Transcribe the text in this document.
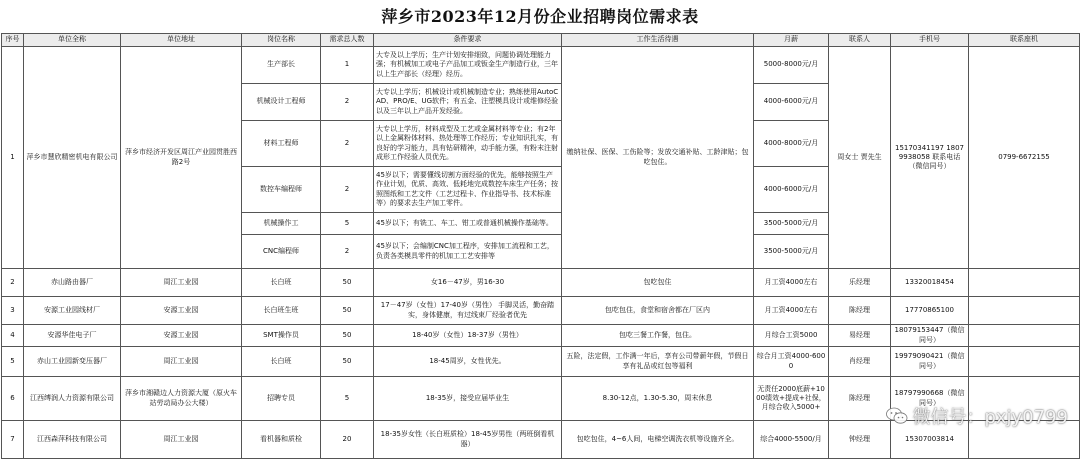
萍乡市2023年12月份企业招聘岗位需求表
序号	单位全称	单位地址	岗位名称	需求总人数	条件要求	工作生活待遇	月薪	联系人	手机号	联系座机
1	萍乡市慧欣精密机电有限公司	萍乡市经济开发区周江产业园贯胜西路2号	生产部长	1	大专及以上学历；生产计划安排细致，问题协调处理能力强；有机械加工或电子产品加工或钣金生产制造行业，三年以上生产部长（经理）经历。	缴纳社保、医保、工伤险等；发放交通补贴、工龄津贴；包吃包住。	5000-8000元/月	周女士 贾先生	15170341197 18079938058 联系电话（微信同号）	0799-6672155
			机械设计工程师	2	大专以上学历；机械设计或机械制造专业；熟练使用AutoCAD、PRO/E、UG软件；有五金、注塑模具设计或维修经验以及三年以上产品开发经验。		4000-6000元/月			
			材料工程师	2	大专以上学历，材料成型及工艺或金属材料等专业；有2年以上金属粉体材料、热处理等工作经历；专业知识扎实，有良好的学习能力，具有钻研精神，动手能力强，有粉末注射成形工作经验人员优先。		4000-8000元/月			
			数控车编程师	2	45岁以下；需要懂线切割方面经验的优先，能够按照生产作业计划，优质、高效、低耗地完成数控车床生产任务；按照图纸和工艺文件（工艺过程卡、作业指导书、技术标准等）的要求去生产加工零件。		4000-6000元/月			
			机械操作工	5	45岁以下；有铣工、车工、钳工或普通机械操作基础等。		3500-5000元/月			
			CNC编程师	2	45岁以下；会编制CNC加工程序，安排加工流程和工艺，负责各类模具零件的机加工工艺安排等		3500-5000元/月			
2	赤山路由器厂	周江工业园	长白班	50	女16－47岁，男16-30	包吃包住	月工资4000左右	乐经理	13320018454	
3	安源工业园线材厂	安源工业园	长白班生班	50	17－47岁（女性）17-40岁（男性） 手脚灵活，勤奋踏实，身体健康，有过线束厂经验者优先	包吃包住，食堂和宿舍都在厂区内	月工资4000左右	陈经理	17770865100	
4	安源华佳电子厂	安源工业园	SMT操作员	50	18-40岁（女性）18-37岁（男性）	包吃三餐工作餐，包住。	月综合工资5000	易经理	18079153447（微信同号）	
5	赤山工业园新变压器厂	周江工业园	长白班	50	18-45周岁，女性优先。	五险，法定假，工作满一年后，享有公司带薪年假，节假日享有礼品或红包等福利	综合月工资4000-6000	肖经理	19979090421（微信同号）	
6	江西缚润人力资源有限公司	萍乡市湘赣边人力资源大厦（原火车站劳动局办公大楼）	招聘专员	5	18-35岁，接受应届毕业生	8.30-12点，1.30-5.30，周末休息	无责任2000底薪+1000绩效+提成+社保，月综合收入5000+	陈经理	18797990668（微信同号）	
7	江西森萍科技有限公司	周江工业园	看机器和质检	20	18-35岁女性（长白班质检）18-45岁男性（两班倒看机器）	包吃包住，4~6人间，电梯空调洗衣机等设施齐全。	综合4000-5500/月	钟经理	15307003814	
微信号：pxjy0799
